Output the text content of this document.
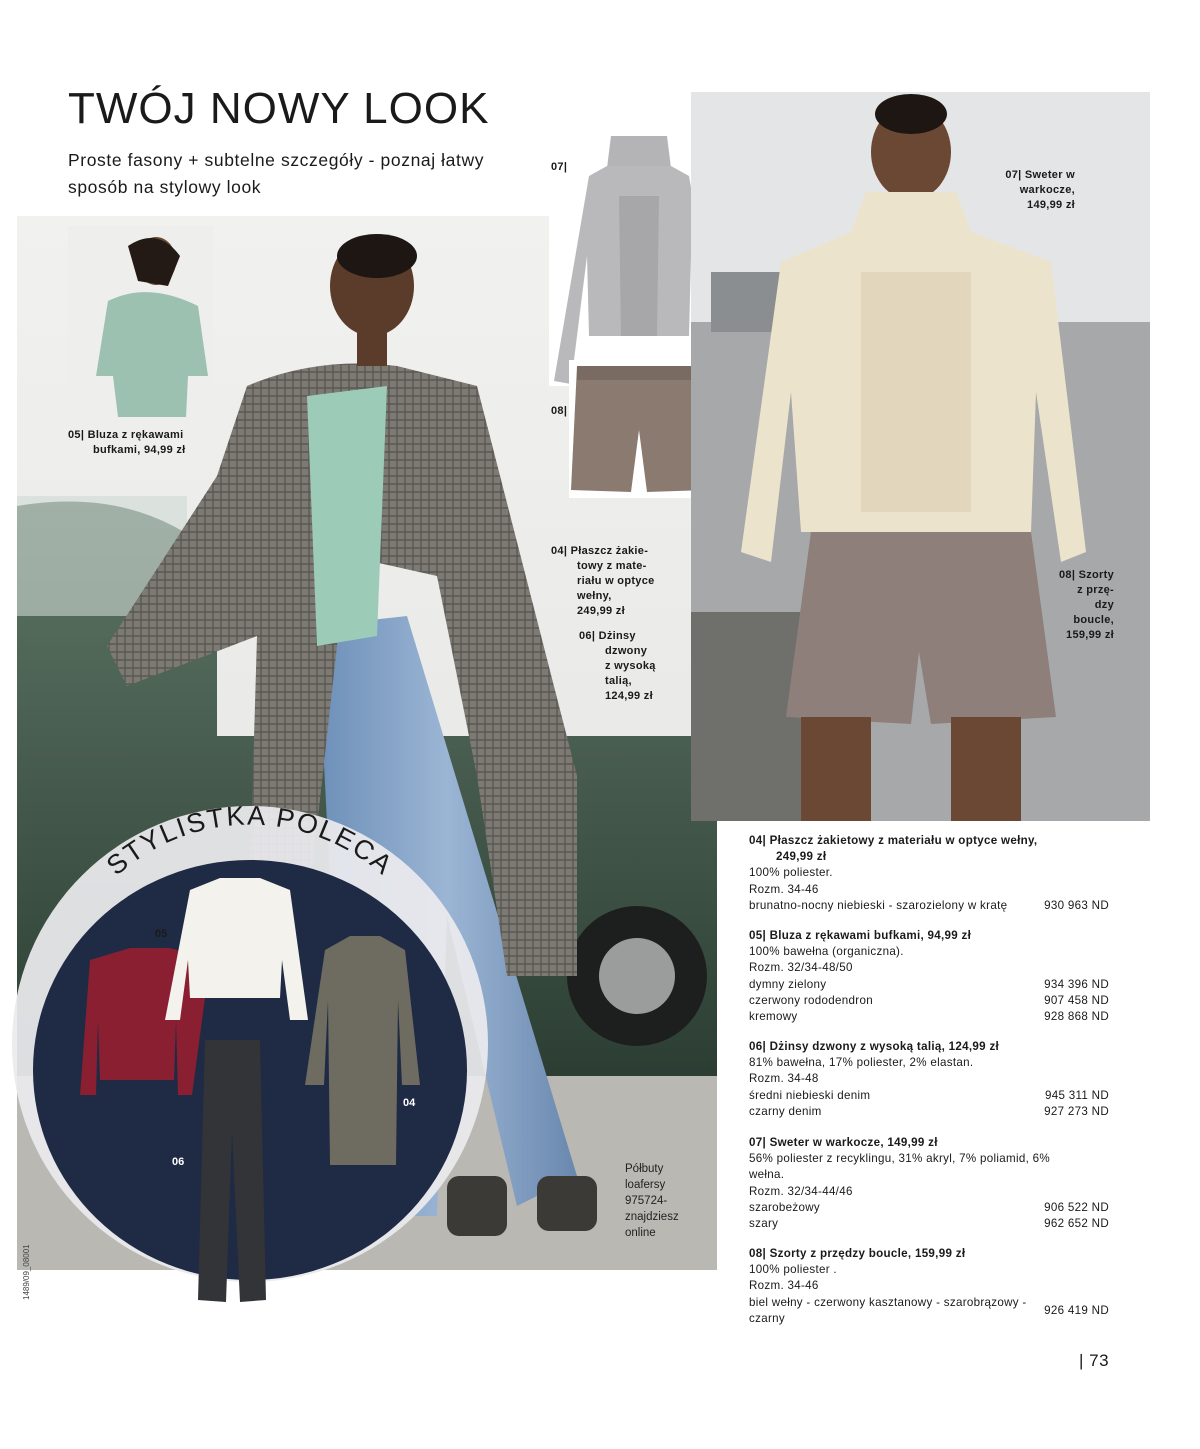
TWÓJ NOWY LOOK

Proste fasony + subtelne szczegóły - poznaj łatwy
sposób na stylowy look

STYLISTKA POLECA
05
04
06
05| Bluza z rękawami
bufkami, 94,99 zł
07|
08|
04| Płaszcz żakie-
towy z mate-
riału w optyce
wełny,
249,99 zł
06| Dżinsy
dzwony
z wysoką
talią,
124,99 zł
07| Sweter w
warkocze,
149,99 zł
08| Szorty
z przę-
dzy
boucle,
159,99 zł
Półbuty
loafersy
975724-
znajdziesz
online
04| Płaszcz żakietowy z materiału w optyce wełny,
249,99 zł
100% poliester.
Rozm. 34-46
brunatno-nocny niebieski - szarozielony w kratę	930 963 ND
05| Bluza z rękawami bufkami, 94,99 zł
100% bawełna (organiczna).
Rozm. 32/34-48/50
dymny zielony	934 396 ND
czerwony rododendron	907 458 ND
kremowy	928 868 ND
06| Dżinsy dzwony z wysoką talią, 124,99 zł
81% bawełna, 17% poliester, 2% elastan.
Rozm. 34-48
średni niebieski denim	945 311 ND
czarny denim	927 273 ND
07| Sweter w warkocze, 149,99 zł
56% poliester z recyklingu, 31% akryl, 7% poliamid, 6% wełna.
Rozm. 32/34-44/46
szarobeżowy	906 522 ND
szary	962 652 ND
08| Szorty z przędzy boucle, 159,99 zł
100% poliester .
Rozm. 34-46
biel wełny - czerwony kasztanowy - szarobrązowy - czarny
926 419 ND
| 73
1489/09_08001
